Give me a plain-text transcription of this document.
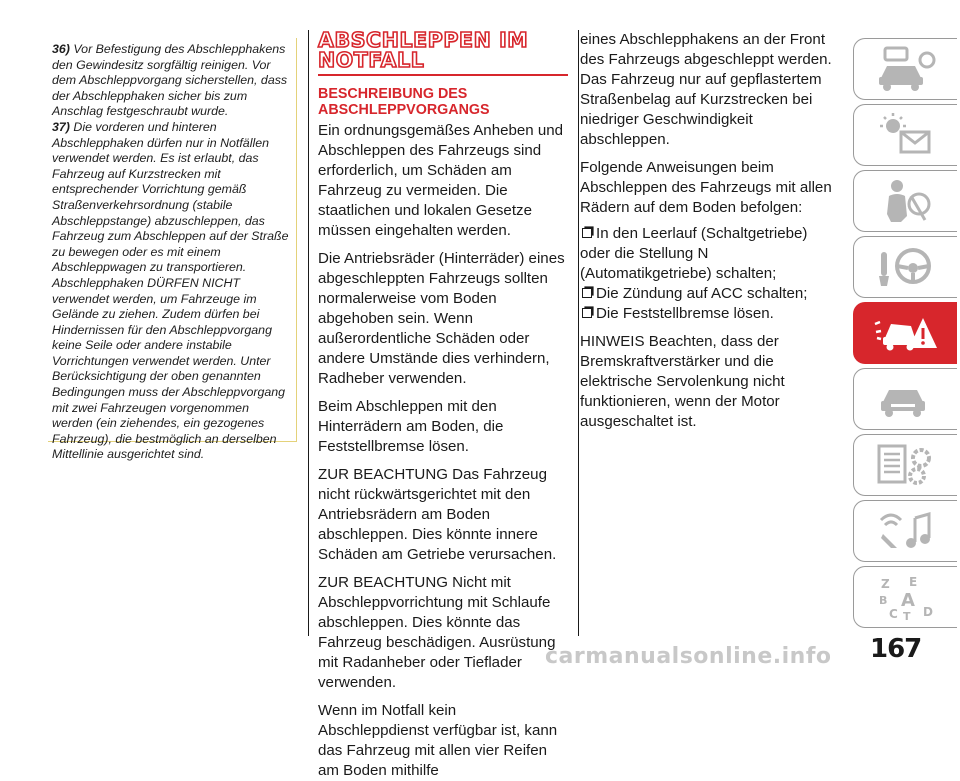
36) Vor Befestigung des Abschlepphakens den Gewindesitz sorgfältig reinigen. Vor dem Abschleppvorgang sicherstellen, dass der Abschlepphaken sicher bis zum Anschlag festgeschraubt wurde.

37) Die vorderen und hinteren Abschlepphaken dürfen nur in Notfällen verwendet werden. Es ist erlaubt, das Fahrzeug auf Kurzstrecken mit entsprechender Vorrichtung gemäß Straßenverkehrsordnung (stabile Abschleppstange) abzuschleppen, das Fahrzeug zum Abschleppen auf der Straße zu bewegen oder es mit einem Abschleppwagen zu transportieren. Abschlepphaken DÜRFEN NICHT verwendet werden, um Fahrzeuge im Gelände zu ziehen. Zudem dürfen bei Hindernissen für den Abschleppvorgang keine Seile oder andere instabile Vorrichtungen verwendet werden. Unter Berücksichtigung der oben genannten Bedingungen muss der Abschleppvorgang mit zwei Fahrzeugen vorgenommen werden (ein ziehendes, ein gezogenes Fahrzeug), die bestmöglich an derselben Mittellinie ausgerichtet sind.

ABSCHLEPPEN IM
NOTFALL
BESCHREIBUNG DES ABSCHLEPPVORGANGS

Ein ordnungsgemäßes Anheben und Abschleppen des Fahrzeugs sind erforderlich, um Schäden am Fahrzeug zu vermeiden. Die staatlichen und lokalen Gesetze müssen eingehalten werden.

Die Antriebsräder (Hinterräder) eines abgeschleppten Fahrzeugs sollten normalerweise vom Boden abgehoben sein. Wenn außerordentliche Schäden oder andere Umstände dies verhindern, Radheber verwenden.

Beim Abschleppen mit den Hinterrädern am Boden, die Feststellbremse lösen.

ZUR BEACHTUNG Das Fahrzeug nicht rückwärtsgerichtet mit den Antriebsrädern am Boden abschleppen. Dies könnte innere Schäden am Getriebe verursachen.

ZUR BEACHTUNG Nicht mit Abschleppvorrichtung mit Schlaufe abschleppen. Dies könnte das Fahrzeug beschädigen. Ausrüstung mit Radanheber oder Tieflader verwenden.

Wenn im Notfall kein Abschleppdienst verfügbar ist, kann das Fahrzeug mit allen vier Reifen am Boden mithilfe

eines Abschlepphakens an der Front des Fahrzeugs abgeschleppt werden. Das Fahrzeug nur auf gepflastertem Straßenbelag auf Kurzstrecken bei niedriger Geschwindigkeit abschleppen.

Folgende Anweisungen beim Abschleppen des Fahrzeugs mit allen Rädern auf dem Boden befolgen:

In den Leerlauf (Schaltgetriebe) oder die Stellung N (Automatikgetriebe) schalten;
Die Zündung auf ACC schalten;
Die Feststellbremse lösen.

HINWEIS Beachten, dass der Bremskraftverstärker und die elektrische Servolenkung nicht funktionieren, wenn der Motor ausgeschaltet ist.

Z E
B A
C T D
167
carmanualsonline.info
